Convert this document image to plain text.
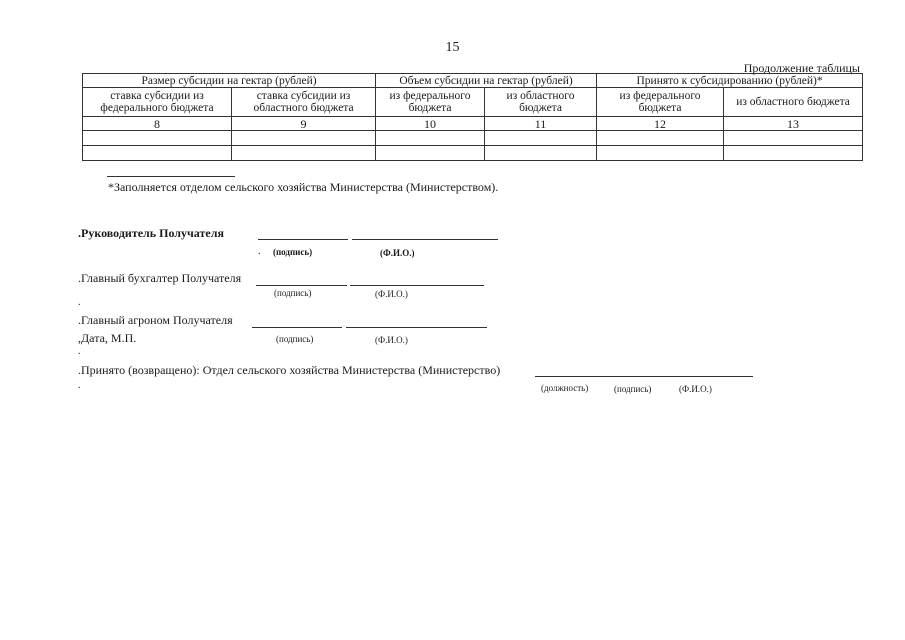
15
Продолжение таблицы
Размер субсидии на гектар (рублей)		Объем субсидии на гектар (рублей)		Принято к субсидированию (рублей)*	
ставка субсидии из федерального бюджета	ставка субсидии из областного бюджета	из федерального бюджета	из областного бюджета	из федерального бюджета	из областного бюджета
8	9	10	11	12	13

*Заполняется отделом сельского хозяйства Министерства (Министерством).
.Руководитель Получателя
. (подпись)	(Ф.И.О.)
.Главный бухгалтер Получателя
(подпись)	(Ф.И.О.)
.
.Главный агроном Получателя
,Дата, М.П.	(подпись)	(Ф.И.О.)
.
.Принято (возвращено): Отдел сельского хозяйства Министерства (Министерство)
.	(должность)	(подпись)	(Ф.И.О.)
